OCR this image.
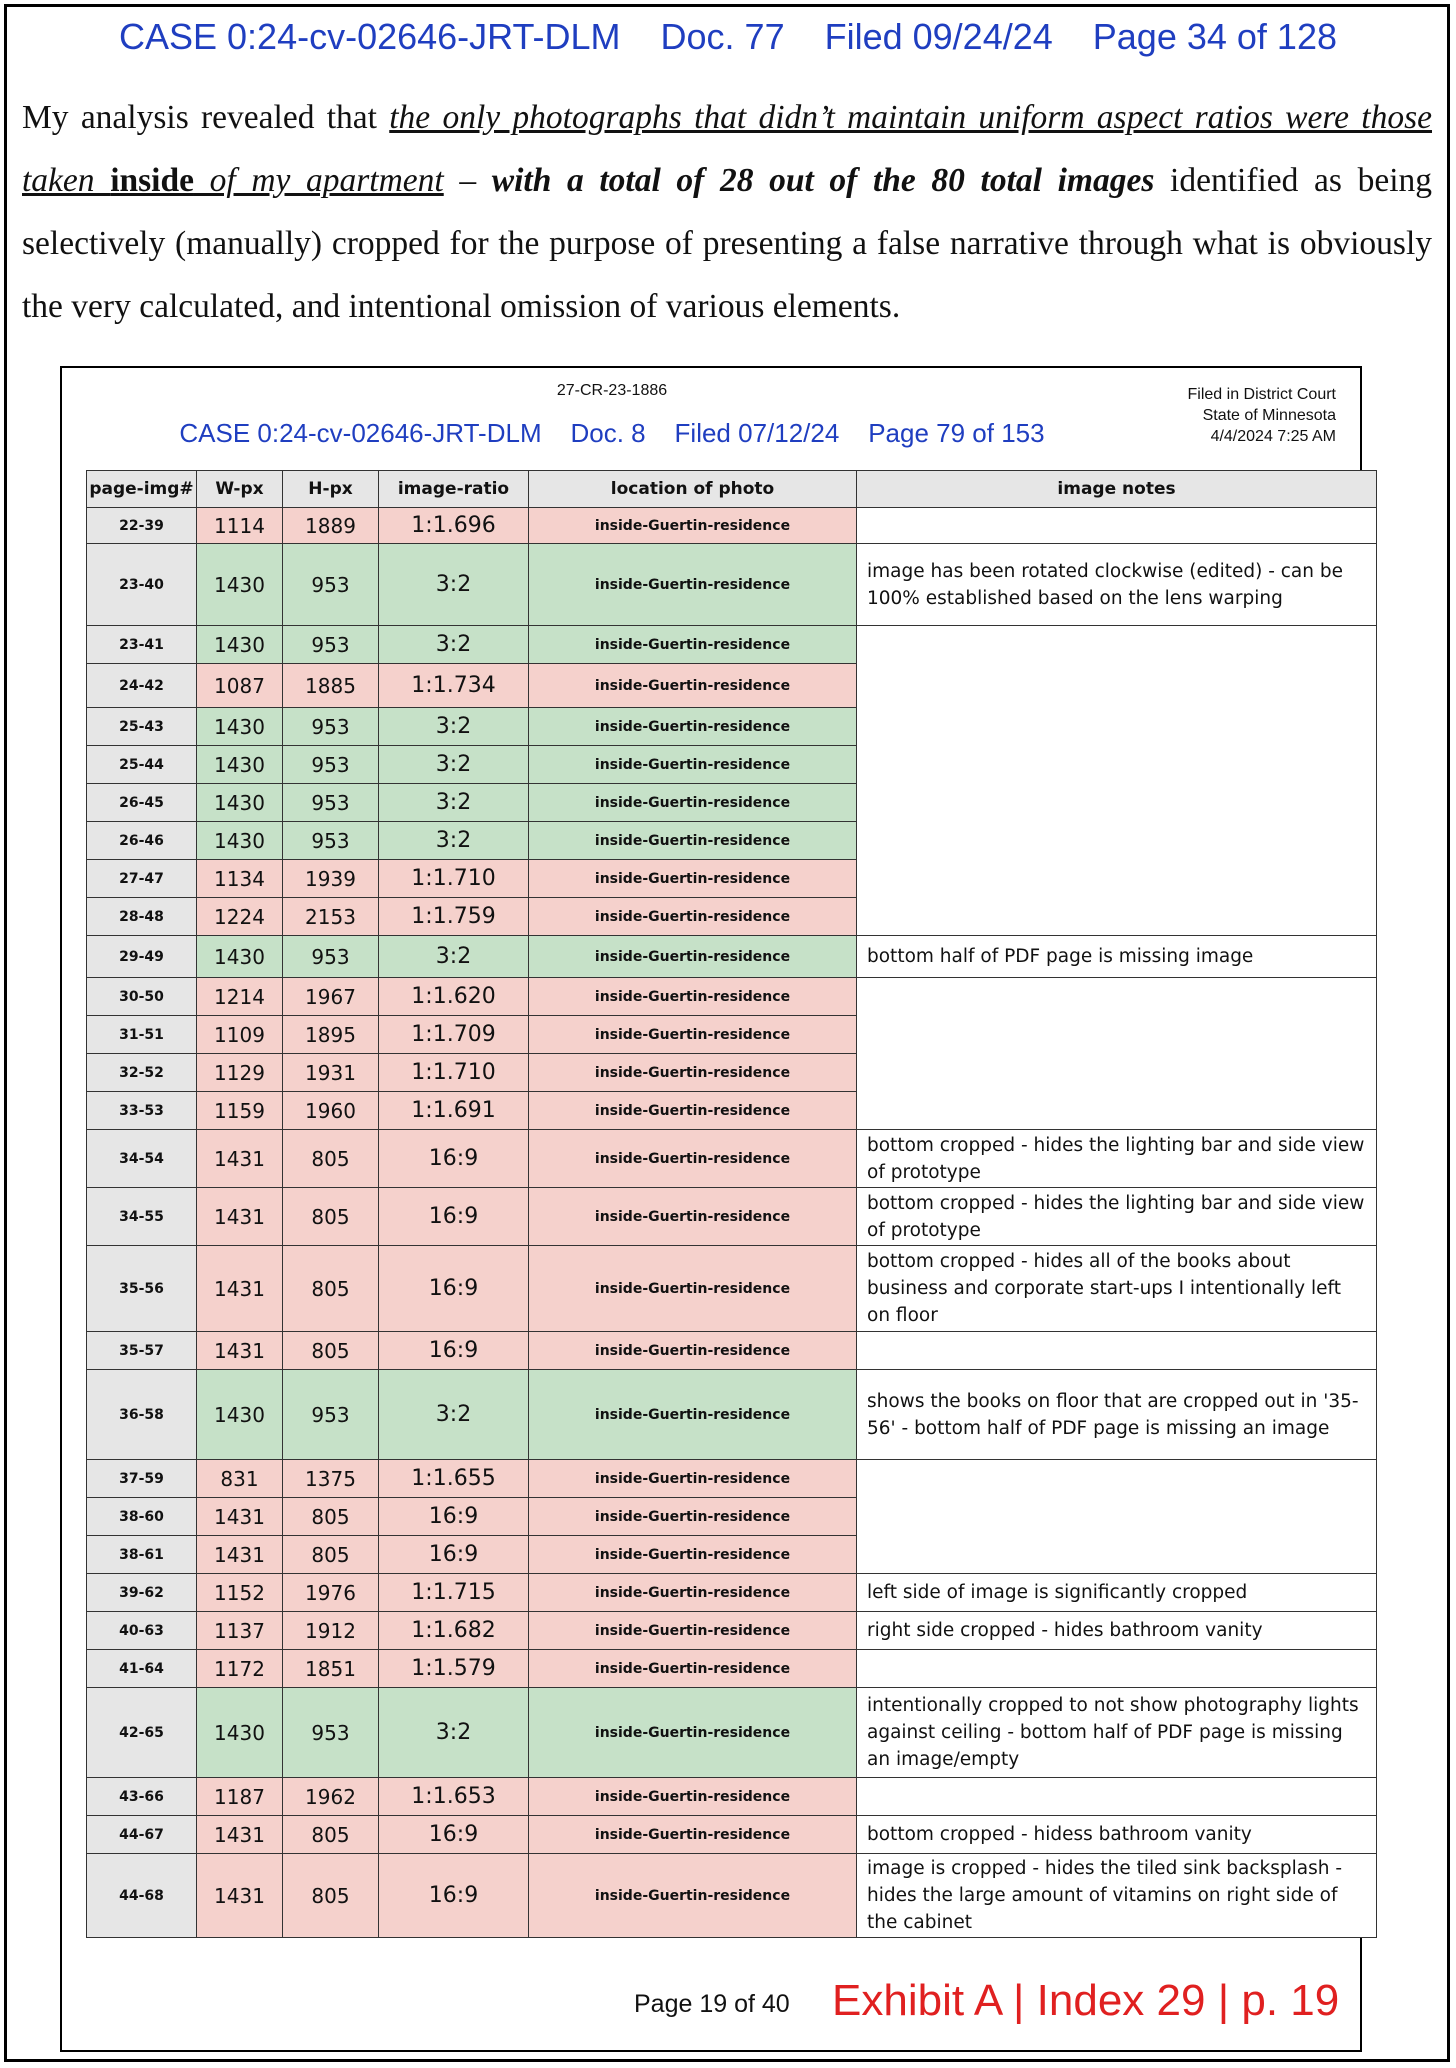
CASE 0:24-cv-02646-JRT-DLM    Doc. 77    Filed 09/24/24    Page 34 of 128
My analysis revealed that the only photographs that didn’t maintain uniform aspect ratios were those taken inside of my apartment – with a total of 28 out of the 80 total images identified as being selectively (manually) cropped for the purpose of presenting a false narrative through what is obviously the very calculated, and intentional omission of various elements.
27-CR-23-1886
CASE 0:24-cv-02646-JRT-DLM    Doc. 8    Filed 07/12/24    Page 79 of 153
Filed in District Court
State of Minnesota
4/4/2024 7:25 AM
page-img#	W-px	H-px	image-ratio	location of photo	image notes
22-39	1114	1889	1:1.696	inside-Guertin-residence	
23-40	1430	953	3:2	inside-Guertin-residence	image has been rotated clockwise (edited) - can be 100% established based on the lens warping
23-41	1430	953	3:2	inside-Guertin-residence	
24-42	1087	1885	1:1.734	inside-Guertin-residence	
25-43	1430	953	3:2	inside-Guertin-residence	
25-44	1430	953	3:2	inside-Guertin-residence	
26-45	1430	953	3:2	inside-Guertin-residence	
26-46	1430	953	3:2	inside-Guertin-residence	
27-47	1134	1939	1:1.710	inside-Guertin-residence	
28-48	1224	2153	1:1.759	inside-Guertin-residence	
29-49	1430	953	3:2	inside-Guertin-residence	bottom half of PDF page is missing image
30-50	1214	1967	1:1.620	inside-Guertin-residence	
31-51	1109	1895	1:1.709	inside-Guertin-residence	
32-52	1129	1931	1:1.710	inside-Guertin-residence	
33-53	1159	1960	1:1.691	inside-Guertin-residence	
34-54	1431	805	16:9	inside-Guertin-residence	bottom cropped - hides the lighting bar and side view of prototype
34-55	1431	805	16:9	inside-Guertin-residence	bottom cropped - hides the lighting bar and side view of prototype
35-56	1431	805	16:9	inside-Guertin-residence	bottom cropped - hides all of the books about business and corporate start-ups I intentionally left on floor
35-57	1431	805	16:9	inside-Guertin-residence	
36-58	1430	953	3:2	inside-Guertin-residence	shows the books on floor that are cropped out in '35-56' - bottom half of PDF page is missing an image
37-59	831	1375	1:1.655	inside-Guertin-residence	
38-60	1431	805	16:9	inside-Guertin-residence	
38-61	1431	805	16:9	inside-Guertin-residence	
39-62	1152	1976	1:1.715	inside-Guertin-residence	left side of image is significantly cropped
40-63	1137	1912	1:1.682	inside-Guertin-residence	right side cropped - hides bathroom vanity
41-64	1172	1851	1:1.579	inside-Guertin-residence	
42-65	1430	953	3:2	inside-Guertin-residence	intentionally cropped to not show photography lights against ceiling - bottom half of PDF page is missing an image/empty
43-66	1187	1962	1:1.653	inside-Guertin-residence	
44-67	1431	805	16:9	inside-Guertin-residence	bottom cropped - hidess bathroom vanity
44-68	1431	805	16:9	inside-Guertin-residence	image is cropped - hides the tiled sink backsplash - hides the large amount of vitamins on right side of the cabinet
Page 19 of 40 Exhibit A | Index 29 | p. 19
